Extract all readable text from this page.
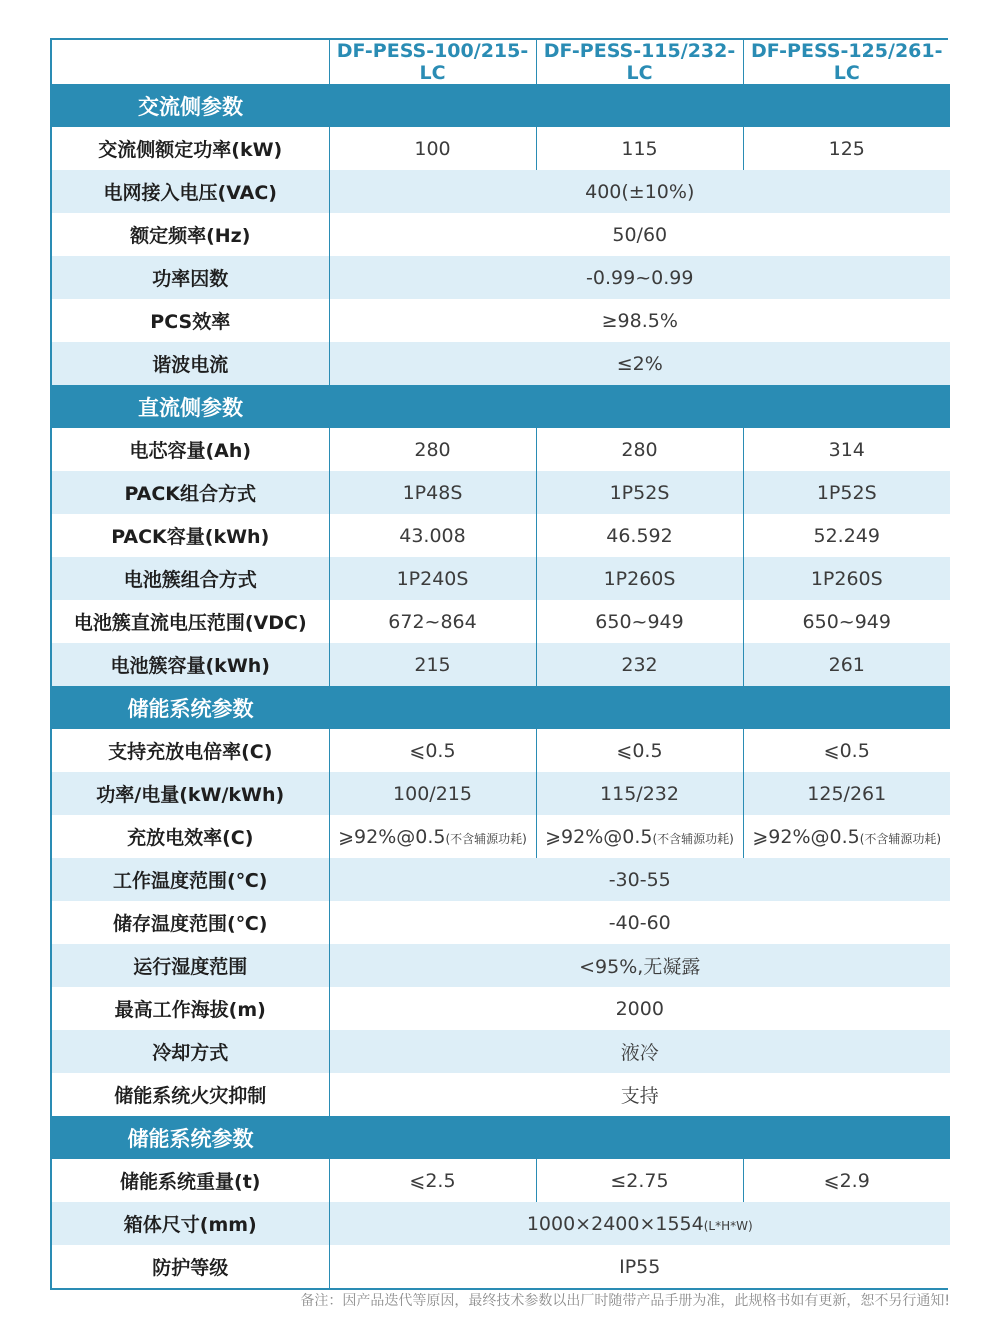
	DF-PESS-100/215-LC	DF-PESS-115/232-LC	DF-PESS-125/261-LC
交流侧参数			
交流侧额定功率(kW)	100	115	125
电网接入电压(VAC)	400(±10%)		
额定频率(Hz)	50/60		
功率因数	-0.99~0.99		
PCS效率	≥98.5%		
谐波电流	≤2%		
直流侧参数			
电芯容量(Ah)	280	280	314
PACK组合方式	1P48S	1P52S	1P52S
PACK容量(kWh)	43.008	46.592	52.249
电池簇组合方式	1P240S	1P260S	1P260S
电池簇直流电压范围(VDC)	672~864	650~949	650~949
电池簇容量(kWh)	215	232	261
储能系统参数			
支持充放电倍率(C)	⩽0.5	⩽0.5	⩽0.5
功率/电量(kW/kWh)	100/215	115/232	125/261
充放电效率(C)	⩾92%@0.5(不含辅源功耗)	⩾92%@0.5(不含辅源功耗)	⩾92%@0.5(不含辅源功耗)
工作温度范围(℃)	-30-55		
储存温度范围(℃)	-40-60		
运行湿度范围	<95%,无凝露		
最高工作海拔(m)	2000		
冷却方式	液冷		
储能系统火灾抑制	支持		
储能系统参数			
储能系统重量(t)	⩽2.5	≤2.75	⩽2.9
箱体尺寸(mm)	1000×2400×1554(L*H*W)		
防护等级	IP55		
备注：因产品迭代等原因，最终技术参数以出厂时随带产品手册为准，此规格书如有更新，恕不另行通知!
